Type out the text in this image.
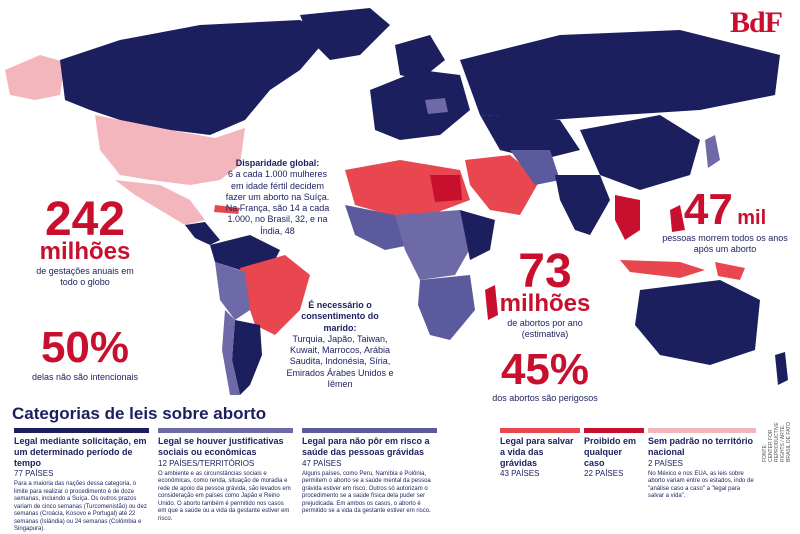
BdF
242
milhões
de gestações anuais em todo o globo
50%
delas não são intencionais
Disparidade global:
6 a cada 1.000 mulheres em idade fértil decidem fazer um aborto na Suíça. Na França, são 14 a cada 1.000, no Brasil, 32, e na Índia, 48
É necessário o consentimento do marido:
Turquia, Japão, Taiwan, Kuwait, Marrocos, Arábia Saudita, Indonésia, Síria, Emirados Árabes Unidos e Iêmen
73
milhões
de abortos por ano (estimativa)
45%
dos abortos são perigosos
47 mil
pessoas morrem todos os anos após um aborto
Categorias de leis sobre aborto
Legal mediante solicitação, em um determinado período de tempo
77 PAÍSES
Para a maioria das nações dessa categoria, o limite para realizar o procedimento é de doze semanas, incluindo a Suíça. Os outros prazos variam de cinco semanas (Turcomenistão) ou dez semanas (Croácia, Kosovo e Portugal) até 22 semanas (Islândia) ou 24 semanas (Colômbia e Singapura).
Legal se houver justificativas sociais ou econômicas
12 PAÍSES/TERRITÓRIOS
O ambiente e as circunstâncias sociais e econômicas, como renda, situação de moradia e rede de apoio da pessoa grávida, são levados em consideração em países como Japão e Reino Unido. O aborto também é permitido nos casos em que a saúde ou a vida da gestante estiver em risco.
Legal para não pôr em risco a saúde das pessoas grávidas
47 PAÍSES
Alguns países, como Peru, Namíbia e Polônia, permitem o aborto se a saúde mental da pessoa grávida estiver em risco. Outros só autorizam o procedimento se a saúde física dela puder ser prejudicada. Em ambos os casos, o aborto é permitido se a vida da gestante estiver em risco.
Legal para salvar a vida das grávidas
43 PAÍSES
Proibido em qualquer caso
22 PAÍSES
Sem padrão no território nacional
2 PAÍSES
No México e nos EUA, as leis sobre aborto variam entre os estados, indo de "análise caso a caso" a "legal para salvar a vida".
FONTE: CENTER FOR REPRODUCTIVE RIGHTS / ARTE: BRASIL DE FATO
